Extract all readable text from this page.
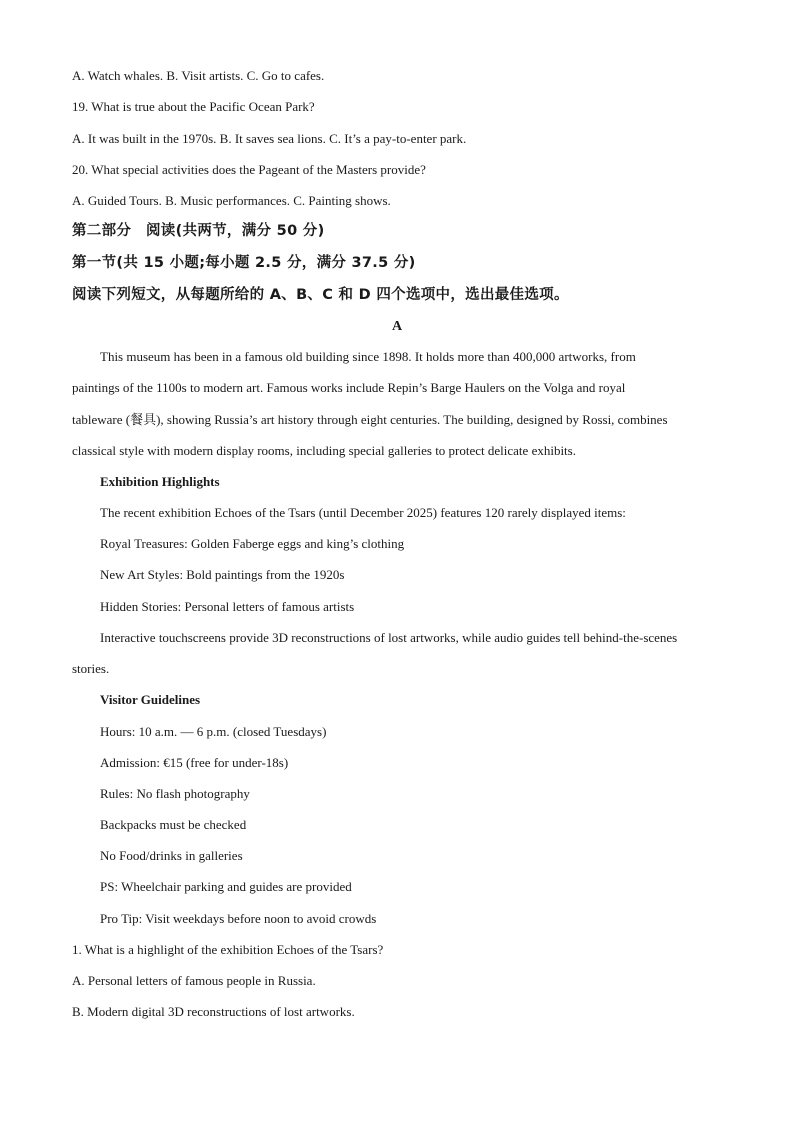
A. Watch whales. B. Visit artists. C. Go to cafes.
19. What is true about the Pacific Ocean Park?
A. It was built in the 1970s. B. It saves sea lions. C. It’s a pay-to-enter park.
20. What special activities does the Pageant of the Masters provide?
A. Guided Tours. B. Music performances. C. Painting shows.
第二部分　阅读(共两节，满分 50 分)
第一节(共 15 小题;每小题 2.5 分，满分 37.5 分)
阅读下列短文，从每题所给的 A、B、C 和 D 四个选项中，选出最佳选项。
A
This museum has been in a famous old building since 1898. It holds more than 400,000 artworks, from
paintings of the 1100s to modern art. Famous works include Repin’s Barge Haulers on the Volga and royal
tableware (餐具), showing Russia’s art history through eight centuries. The building, designed by Rossi, combines
classical style with modern display rooms, including special galleries to protect delicate exhibits.
Exhibition Highlights
The recent exhibition Echoes of the Tsars (until December 2025) features 120 rarely displayed items:
Royal Treasures: Golden Faberge eggs and king’s clothing
New Art Styles: Bold paintings from the 1920s
Hidden Stories: Personal letters of famous artists
Interactive touchscreens provide 3D reconstructions of lost artworks, while audio guides tell behind-the-scenes
stories.
Visitor Guidelines
Hours: 10 a.m. — 6 p.m. (closed Tuesdays)
Admission: €15 (free for under-18s)
Rules: No flash photography
Backpacks must be checked
No Food/drinks in galleries
PS: Wheelchair parking and guides are provided
Pro Tip: Visit weekdays before noon to avoid crowds
1. What is a highlight of the exhibition Echoes of the Tsars?
A. Personal letters of famous people in Russia.
B. Modern digital 3D reconstructions of lost artworks.
